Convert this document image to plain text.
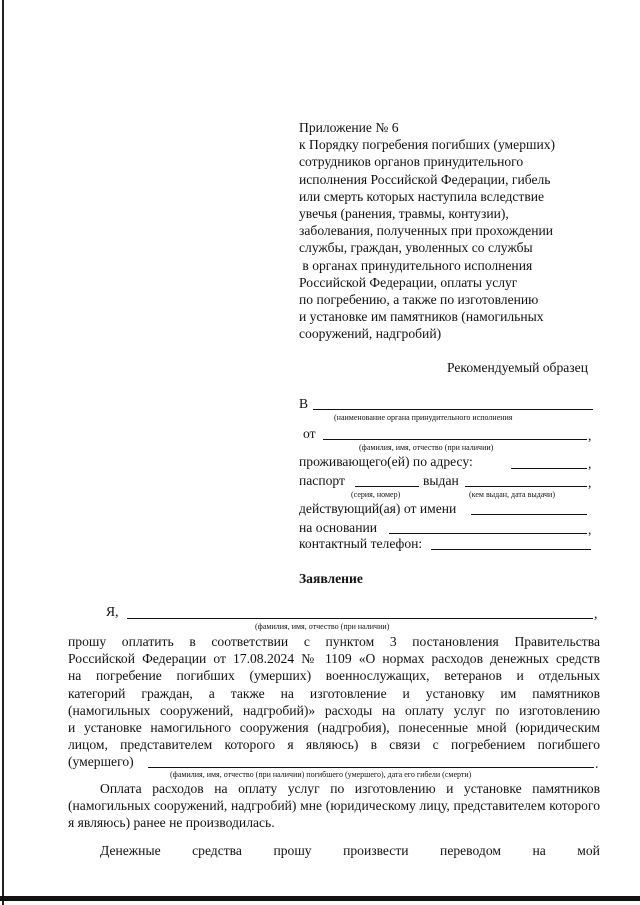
Приложение № 6
к Порядку погребения погибших (умерших)
сотрудников органов принудительного
исполнения Российской Федерации, гибель
или смерть которых наступила вследствие
увечья (ранения, травмы, контузии),
заболевания, полученных при прохождении
службы, граждан, уволенных со службы
в органах принудительного исполнения
Российской Федерации, оплаты услуг
по погребению, а также по изготовлению
и установке им памятников (намогильных
сооружений, надгробий)
Рекомендуемый образец
В
(наименование органа принудительного исполнения
от	,
(фамилия, имя, отчество (при наличии)
проживающего(ей) по адресу:	,
паспорт	выдан	,
(серия, номер)	(кем выдан, дата выдачи)
действующий(ая) от имени
на основании	,
контактный телефон:
Заявление
Я,	,
(фамилия, имя, отчество (при наличии)
прошу оплатить в соответствии с пунктом 3 постановления Правительства
Российской Федерации от 17.08.2024 № 1109 «О нормах расходов денежных средств
на погребение погибших (умерших) военнослужащих, ветеранов и отдельных
категорий граждан, а также на изготовление и установку им памятников
(намогильных сооружений, надгробий)» расходы на оплату услуг по изготовлению
и установке намогильного сооружения (надгробия), понесенные мной (юридическим
лицом, представителем которого я являюсь) в связи с погребением погибшего
(умершего)	.
(фамилия, имя, отчество (при наличии) погибшего (умершего), дата его гибели (смерти)
Оплата расходов на оплату услуг по изготовлению и установке памятников (намогильных сооружений, надгробий) мне (юридическому лицу, представителем которого я являюсь) ранее не производилась.
Денежные средства прошу произвести переводом на мой
